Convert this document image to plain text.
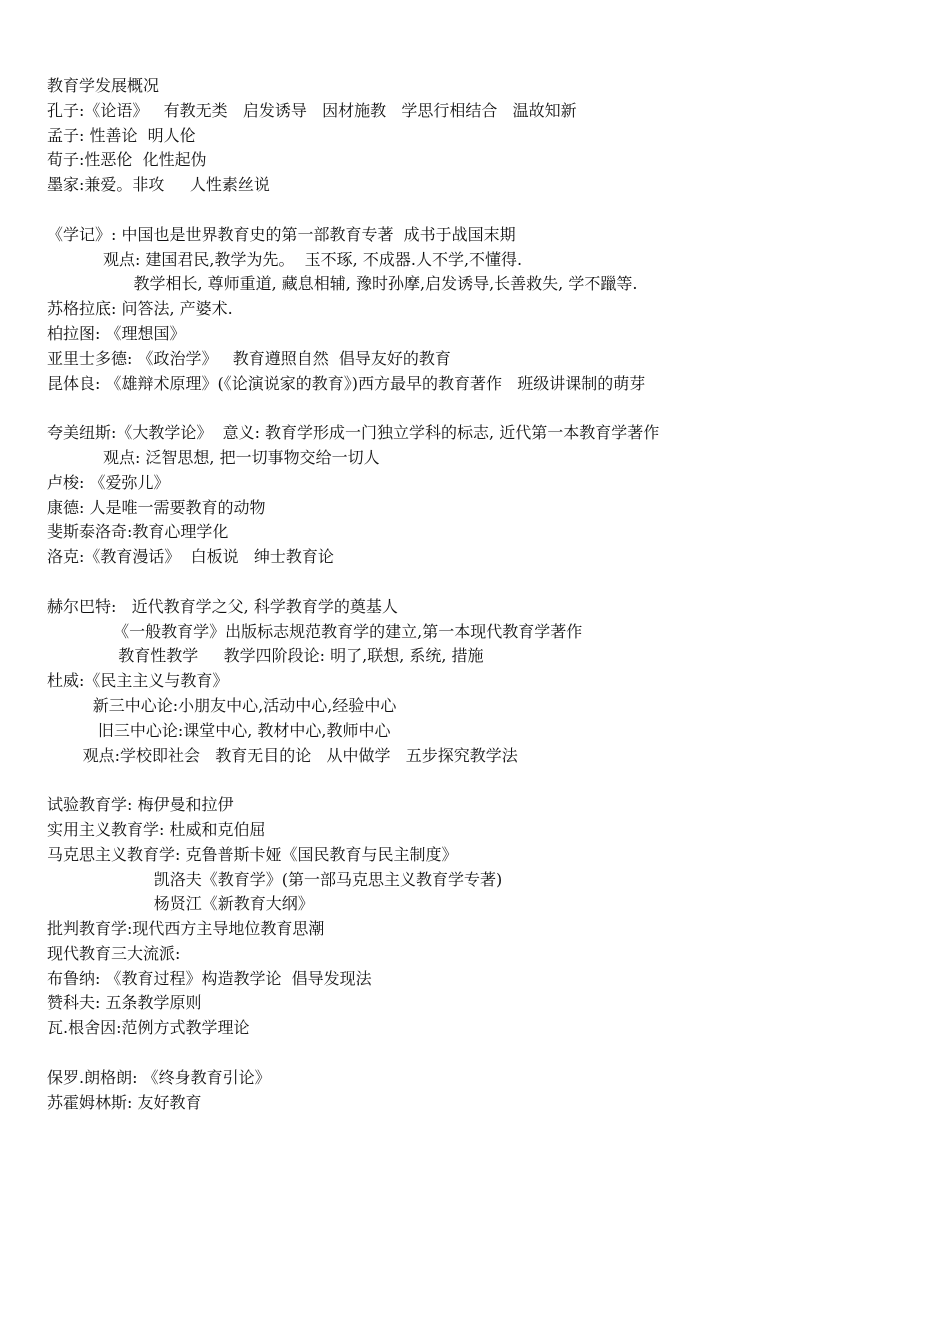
教育学发展概况
孔子:《论语》   有教无类   启发诱导   因材施教   学思行相结合   温故知新
孟子: 性善论  明人伦
荀子:性恶伦  化性起伪
墨家:兼爱。非攻     人性素丝说
《学记》: 中国也是世界教育史的第一部教育专著  成书于战国末期
观点: 建国君民,教学为先。  玉不琢, 不成器.人不学,不懂得.
教学相长, 尊师重道, 藏息相辅, 豫时孙摩,启发诱导,长善救失, 学不躐等.
苏格拉底: 问答法, 产婆术.
柏拉图: 《理想国》
亚里士多德: 《政治学》   教育遵照自然  倡导友好的教育
昆体良: 《雄辩术原理》(《论演说家的教育》)西方最早的教育著作   班级讲课制的萌芽
夸美纽斯:《大教学论》  意义: 教育学形成一门独立学科的标志, 近代第一本教育学著作
观点: 泛智思想, 把一切事物交给一切人
卢梭: 《爱弥儿》
康德: 人是唯一需要教育的动物
斐斯泰洛奇:教育心理学化
洛克:《教育漫话》  白板说   绅士教育论
赫尔巴特:   近代教育学之父, 科学教育学的奠基人
《一般教育学》出版标志规范教育学的建立,第一本现代教育学著作
教育性教学     教学四阶段论: 明了,联想, 系统, 措施
杜威:《民主主义与教育》
新三中心论:小朋友中心,活动中心,经验中心
旧三中心论:课堂中心, 教材中心,教师中心
观点:学校即社会   教育无目的论   从中做学   五步探究教学法
试验教育学: 梅伊曼和拉伊
实用主义教育学: 杜威和克伯屈
马克思主义教育学: 克鲁普斯卡娅《国民教育与民主制度》
凯洛夫《教育学》(第一部马克思主义教育学专著)
杨贤江《新教育大纲》
批判教育学:现代西方主导地位教育思潮
现代教育三大流派:
布鲁纳: 《教育过程》构造教学论  倡导发现法
赞科夫: 五条教学原则
瓦.根舍因:范例方式教学理论
保罗.朗格朗: 《终身教育引论》
苏霍姆林斯: 友好教育
